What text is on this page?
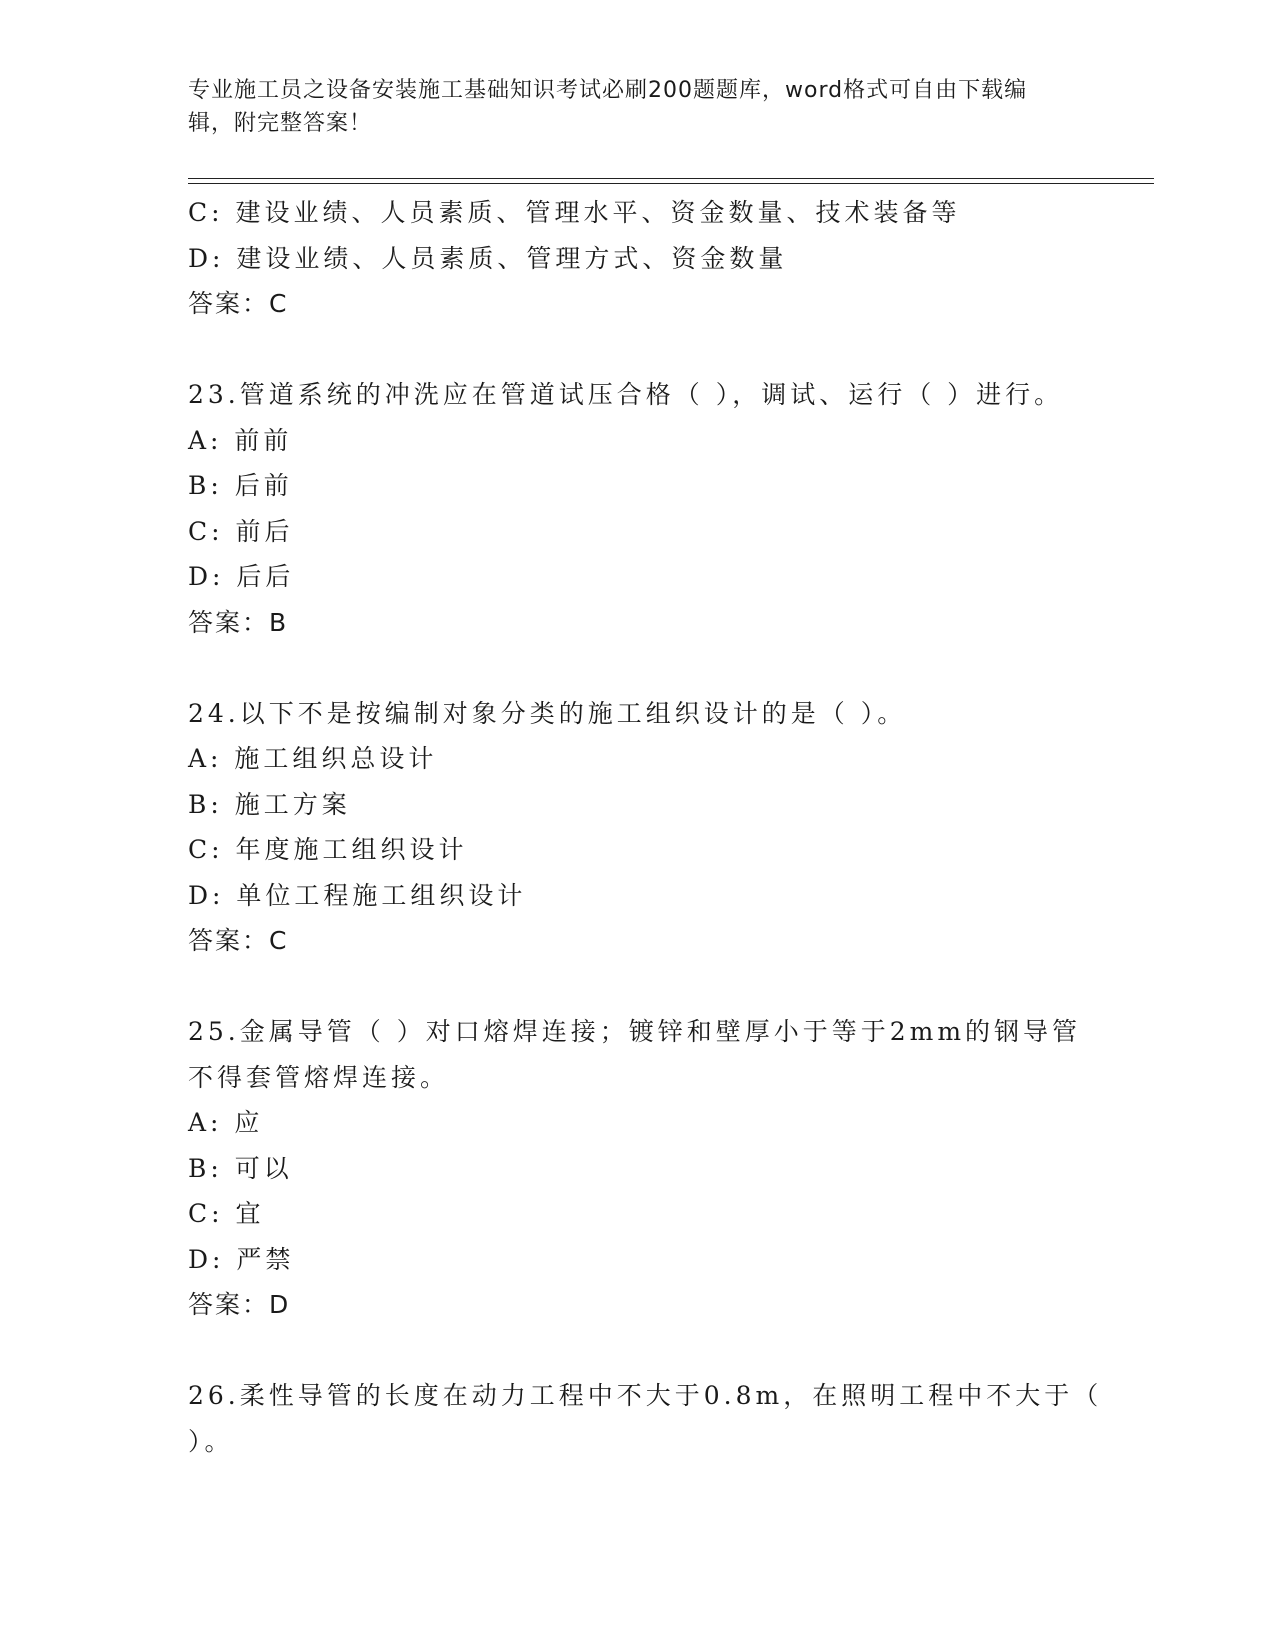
专业施工员之设备安装施工基础知识考试必刷200题题库，word格式可自由下载编辑，附完整答案！
C: 建设业绩、人员素质、管理水平、资金数量、技术装备等
D: 建设业绩、人员素质、管理方式、资金数量
答案：C
23.管道系统的冲洗应在管道试压合格（ ），调试、运行（ ）进行。
A: 前前
B: 后前
C: 前后
D: 后后
答案：B
24.以下不是按编制对象分类的施工组织设计的是（ ）。
A: 施工组织总设计
B: 施工方案
C: 年度施工组织设计
D: 单位工程施工组织设计
答案：C
25.金属导管（ ）对口熔焊连接；镀锌和壁厚小于等于2mm的钢导管
不得套管熔焊连接。
A: 应
B: 可以
C: 宜
D: 严禁
答案：D
26.柔性导管的长度在动力工程中不大于0.8m，在照明工程中不大于（
）。
